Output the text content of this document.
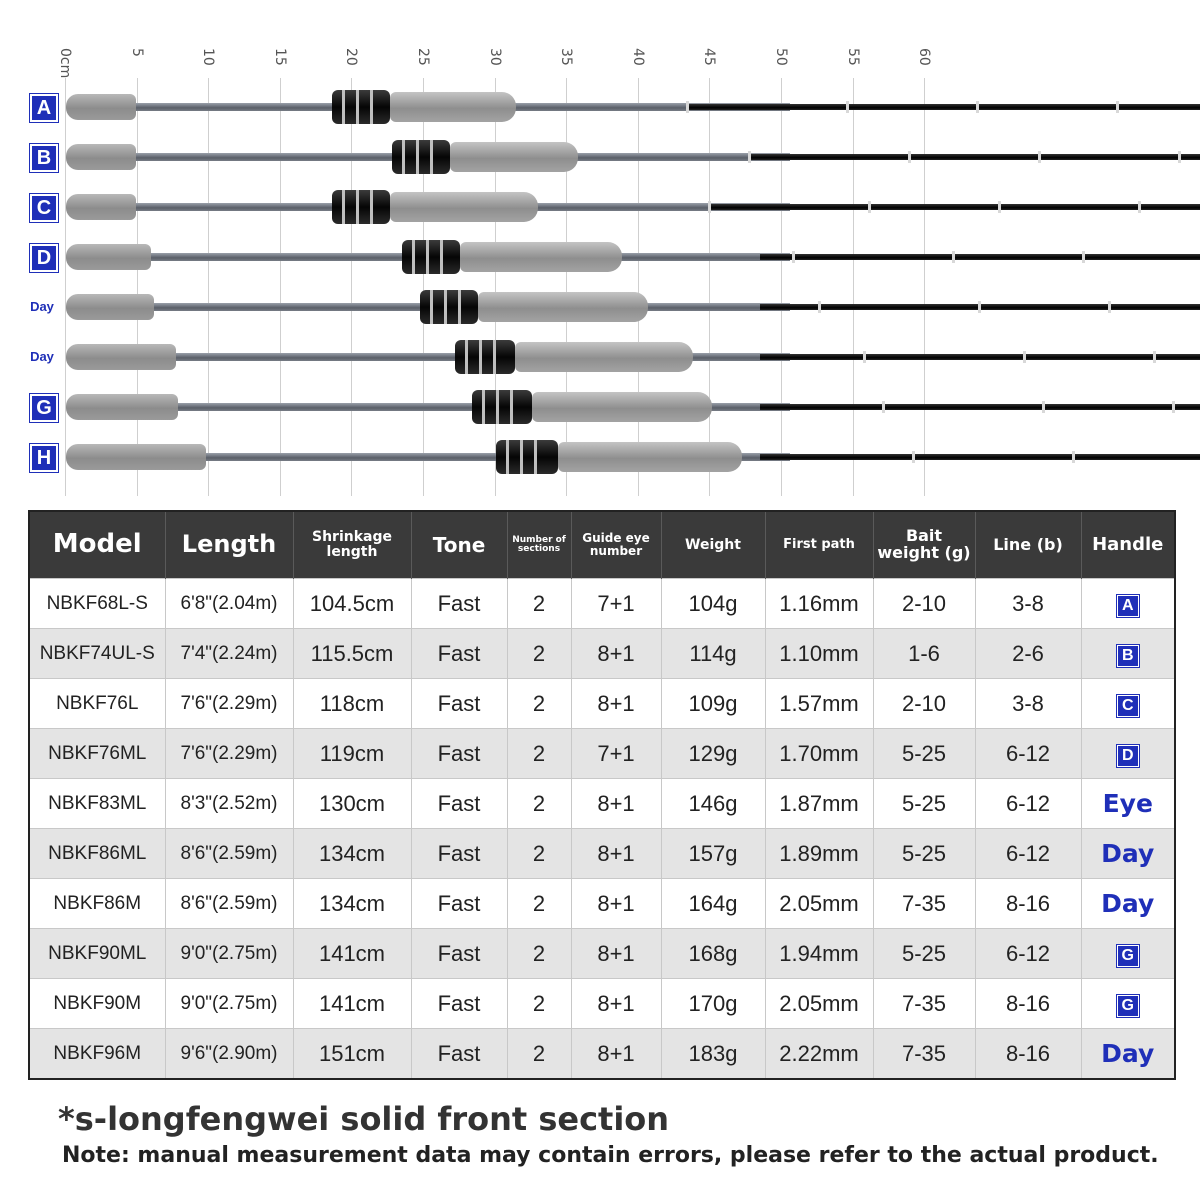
0cm	5	10	15	20	25	30	35	40	45	50	55	60
A
B
C
D
Day
Day
G
H
Model	Length	Shrinkage length	Tone	Number of sections	Guide eye number	Weight	First path	Bait weight (g)	Line (b)	Handle
NBKF68L-S	6'8"(2.04m)	104.5cm	Fast	2	7+1	104g	1.16mm	2-10	3-8	A
NBKF74UL-S	7'4"(2.24m)	115.5cm	Fast	2	8+1	114g	1.10mm	1-6	2-6	B
NBKF76L	7'6"(2.29m)	118cm	Fast	2	8+1	109g	1.57mm	2-10	3-8	C
NBKF76ML	7'6"(2.29m)	119cm	Fast	2	7+1	129g	1.70mm	5-25	6-12	D
NBKF83ML	8'3"(2.52m)	130cm	Fast	2	8+1	146g	1.87mm	5-25	6-12	Eye
NBKF86ML	8'6"(2.59m)	134cm	Fast	2	8+1	157g	1.89mm	5-25	6-12	Day
NBKF86M	8'6"(2.59m)	134cm	Fast	2	8+1	164g	2.05mm	7-35	8-16	Day
NBKF90ML	9'0"(2.75m)	141cm	Fast	2	8+1	168g	1.94mm	5-25	6-12	G
NBKF90M	9'0"(2.75m)	141cm	Fast	2	8+1	170g	2.05mm	7-35	8-16	G
NBKF96M	9'6"(2.90m)	151cm	Fast	2	8+1	183g	2.22mm	7-35	8-16	Day
*s-longfengwei solid front section
Note: manual measurement data may contain errors, please refer to the actual product.
